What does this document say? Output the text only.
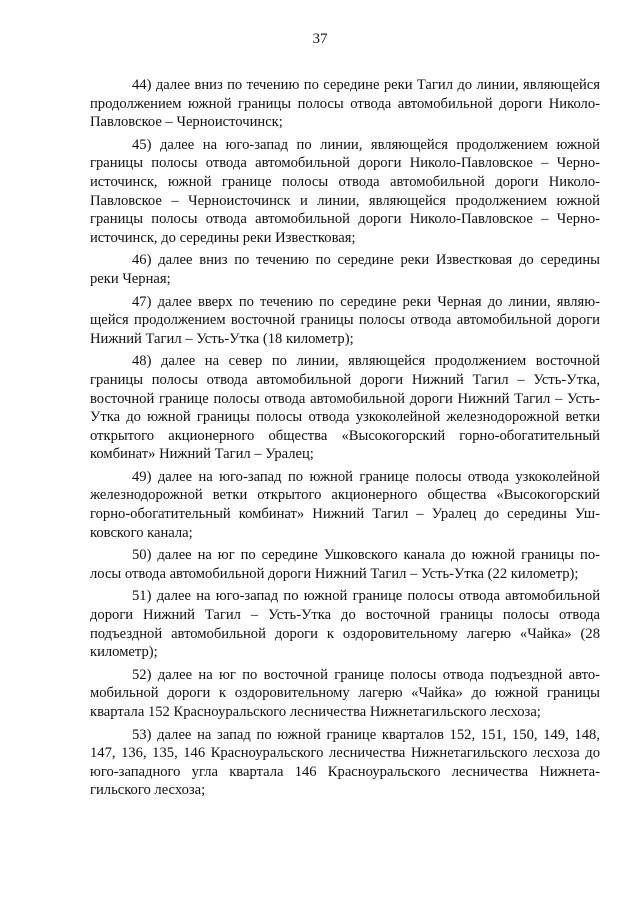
37

44) далее вниз по течению по середине реки Тагил до линии, являющейся продолжением южной границы полосы отвода автомобильной дороги Николо-Павловское – Черноисточинск;

45) далее на юго-запад по линии, являющейся продолжением южной границы полосы отвода автомобильной дороги Николо-Павловское – Черноисточинск, южной границе полосы отвода автомобильной дороги Николо-Павловское – Черноисточинск и линии, являющейся продолжением южной границы полосы отвода автомобильной дороги Николо-Павловское – Черноисточинск, до середины реки Известковая;

46) далее вниз по течению по середине реки Известковая до середины реки Черная;

47) далее вверх по течению по середине реки Черная до линии, являющейся продолжением восточной границы полосы отвода автомобильной дороги Нижний Тагил – Усть-Утка (18 километр);

48) далее на север по линии, являющейся продолжением восточной границы полосы отвода автомобильной дороги Нижний Тагил – Усть-Утка, восточной границе полосы отвода автомобильной дороги Нижний Тагил – Усть-Утка до южной границы полосы отвода узкоколейной железнодорожной ветки открытого акционерного общества «Высокогорский горно-обогатительный комбинат» Нижний Тагил – Уралец;

49) далее на юго-запад по южной границе полосы отвода узкоколейной железнодорожной ветки открытого акционерного общества «Высокогорский горно-обогатительный комбинат» Нижний Тагил – Уралец до середины Ушковского канала;

50) далее на юг по середине Ушковского канала до южной границы полосы отвода автомобильной дороги Нижний Тагил – Усть-Утка (22 километр);

51) далее на юго-запад по южной границе полосы отвода автомобильной дороги Нижний Тагил – Усть-Утка до восточной границы полосы отвода подъездной автомобильной дороги к оздоровительному лагерю «Чайка» (28 километр);

52) далее на юг по восточной границе полосы отвода подъездной автомобильной дороги к оздоровительному лагерю «Чайка» до южной границы квартала 152 Красноуральского лесничества Нижнетагильского лесхоза;

53) далее на запад по южной границе кварталов 152, 151, 150, 149, 148, 147, 136, 135, 146 Красноуральского лесничества Нижнетагильского лесхоза до юго-западного угла квартала 146 Красноуральского лесничества Нижнетагильского лесхоза;
